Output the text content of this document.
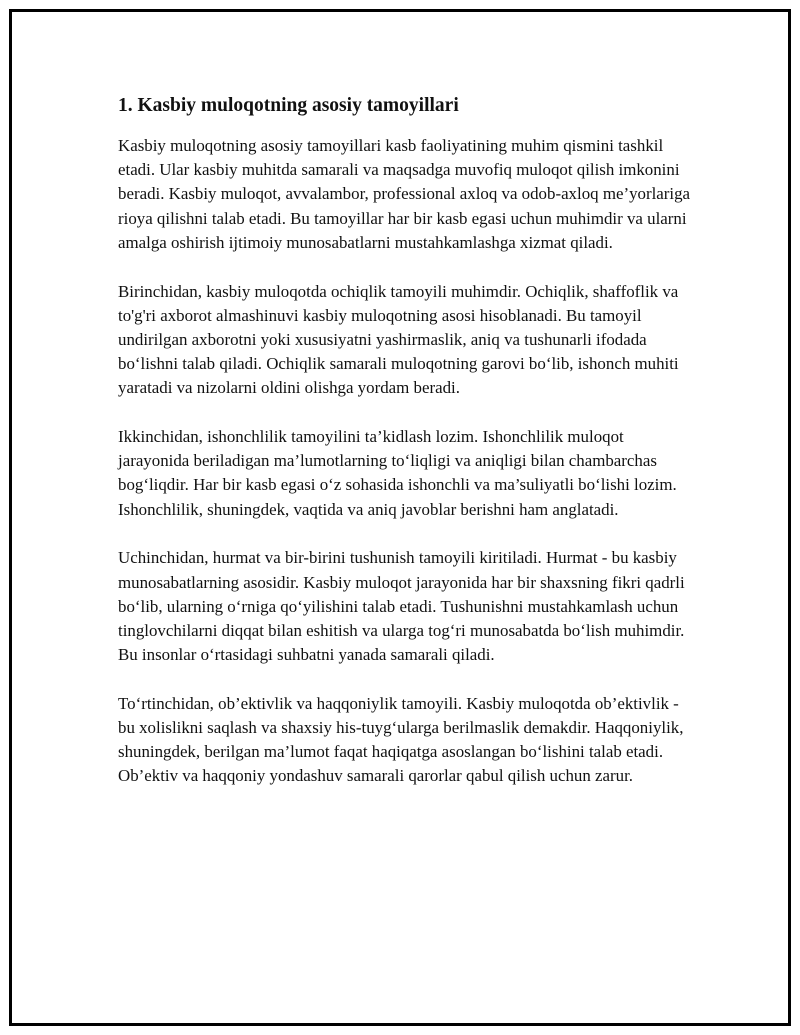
1. Kasbiy muloqotning asosiy tamoyillari

Kasbiy muloqotning asosiy tamoyillari kasb faoliyatining muhim qismini tashkil etadi. Ular kasbiy muhitda samarali va maqsadga muvofiq muloqot qilish imkonini beradi. Kasbiy muloqot, avvalambor, professional axloq va odob-axloq me’yorlariga rioya qilishni talab etadi. Bu tamoyillar har bir kasb egasi uchun muhimdir va ularni amalga oshirish ijtimoiy munosabatlarni mustahkamlashga xizmat qiladi.

Birinchidan, kasbiy muloqotda ochiqlik tamoyili muhimdir. Ochiqlik, shaffoflik va to'g'ri axborot almashinuvi kasbiy muloqotning asosi hisoblanadi. Bu tamoyil undirilgan axborotni yoki xususiyatni yashirmaslik, aniq va tushunarli ifodada bo‘lishni talab qiladi. Ochiqlik samarali muloqotning garovi bo‘lib, ishonch muhiti yaratadi va nizolarni oldini olishga yordam beradi.

Ikkinchidan, ishonchlilik tamoyilini ta’kidlash lozim. Ishonchlilik muloqot jarayonida beriladigan ma’lumotlarning to‘liqligi va aniqligi bilan chambarchas bog‘liqdir. Har bir kasb egasi o‘z sohasida ishonchli va ma’suliyatli bo‘lishi lozim. Ishonchlilik, shuningdek, vaqtida va aniq javoblar berishni ham anglatadi.

Uchinchidan, hurmat va bir-birini tushunish tamoyili kiritiladi. Hurmat - bu kasbiy munosabatlarning asosidir. Kasbiy muloqot jarayonida har bir shaxsning fikri qadrli bo‘lib, ularning o‘rniga qo‘yilishini talab etadi. Tushunishni mustahkamlash uchun tinglovchilarni diqqat bilan eshitish va ularga tog‘ri munosabatda bo‘lish muhimdir. Bu insonlar o‘rtasidagi suhbatni yanada samarali qiladi.

To‘rtinchidan, ob’ektivlik va haqqoniylik tamoyili. Kasbiy muloqotda ob’ektivlik - bu xolislikni saqlash va shaxsiy his-tuyg‘ularga berilmaslik demakdir. Haqqoniylik, shuningdek, berilgan ma’lumot faqat haqiqatga asoslangan bo‘lishini talab etadi. Ob’ektiv va haqqoniy yondashuv samarali qarorlar qabul qilish uchun zarur.
